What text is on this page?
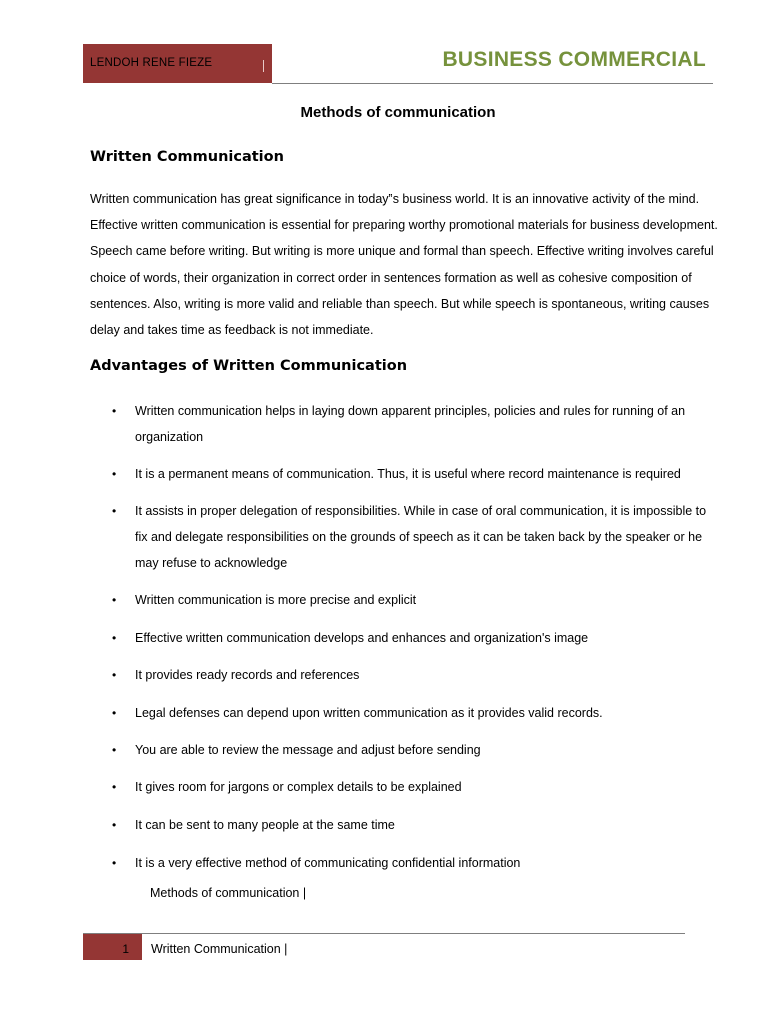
LENDOH RENE FIEZE	BUSINESS COMMERCIAL
Methods of communication
Written Communication

Written communication has great significance in today‟s business world. It is an innovative activity of the mind. Effective written communication is essential for preparing worthy promotional materials for business development. Speech came before writing. But writing is more unique and formal than speech. Effective writing involves careful choice of words, their organization in correct order in sentences formation as well as cohesive composition of sentences. Also, writing is more valid and reliable than speech. But while speech is spontaneous, writing causes delay and takes time as feedback is not immediate.

Advantages of Written Communication

• Written communication helps in laying down apparent principles, policies and rules for running of an organization

• It is a permanent means of communication. Thus, it is useful where record maintenance is required

• It assists in proper delegation of responsibilities. While in case of oral communication, it is impossible to fix and delegate responsibilities on the grounds of speech as it can be taken back by the speaker or he may refuse to acknowledge

• Written communication is more precise and explicit

• Effective written communication develops and enhances and organization's image

• It provides ready records and references

• Legal defenses can depend upon written communication as it provides valid records.

• You are able to review the message and adjust before sending

• It gives room for jargons or complex details to be explained

• It can be sent to many people at the same time

• It is a very effective method of communicating confidential information

Methods of communication |
1 Written Communication |
